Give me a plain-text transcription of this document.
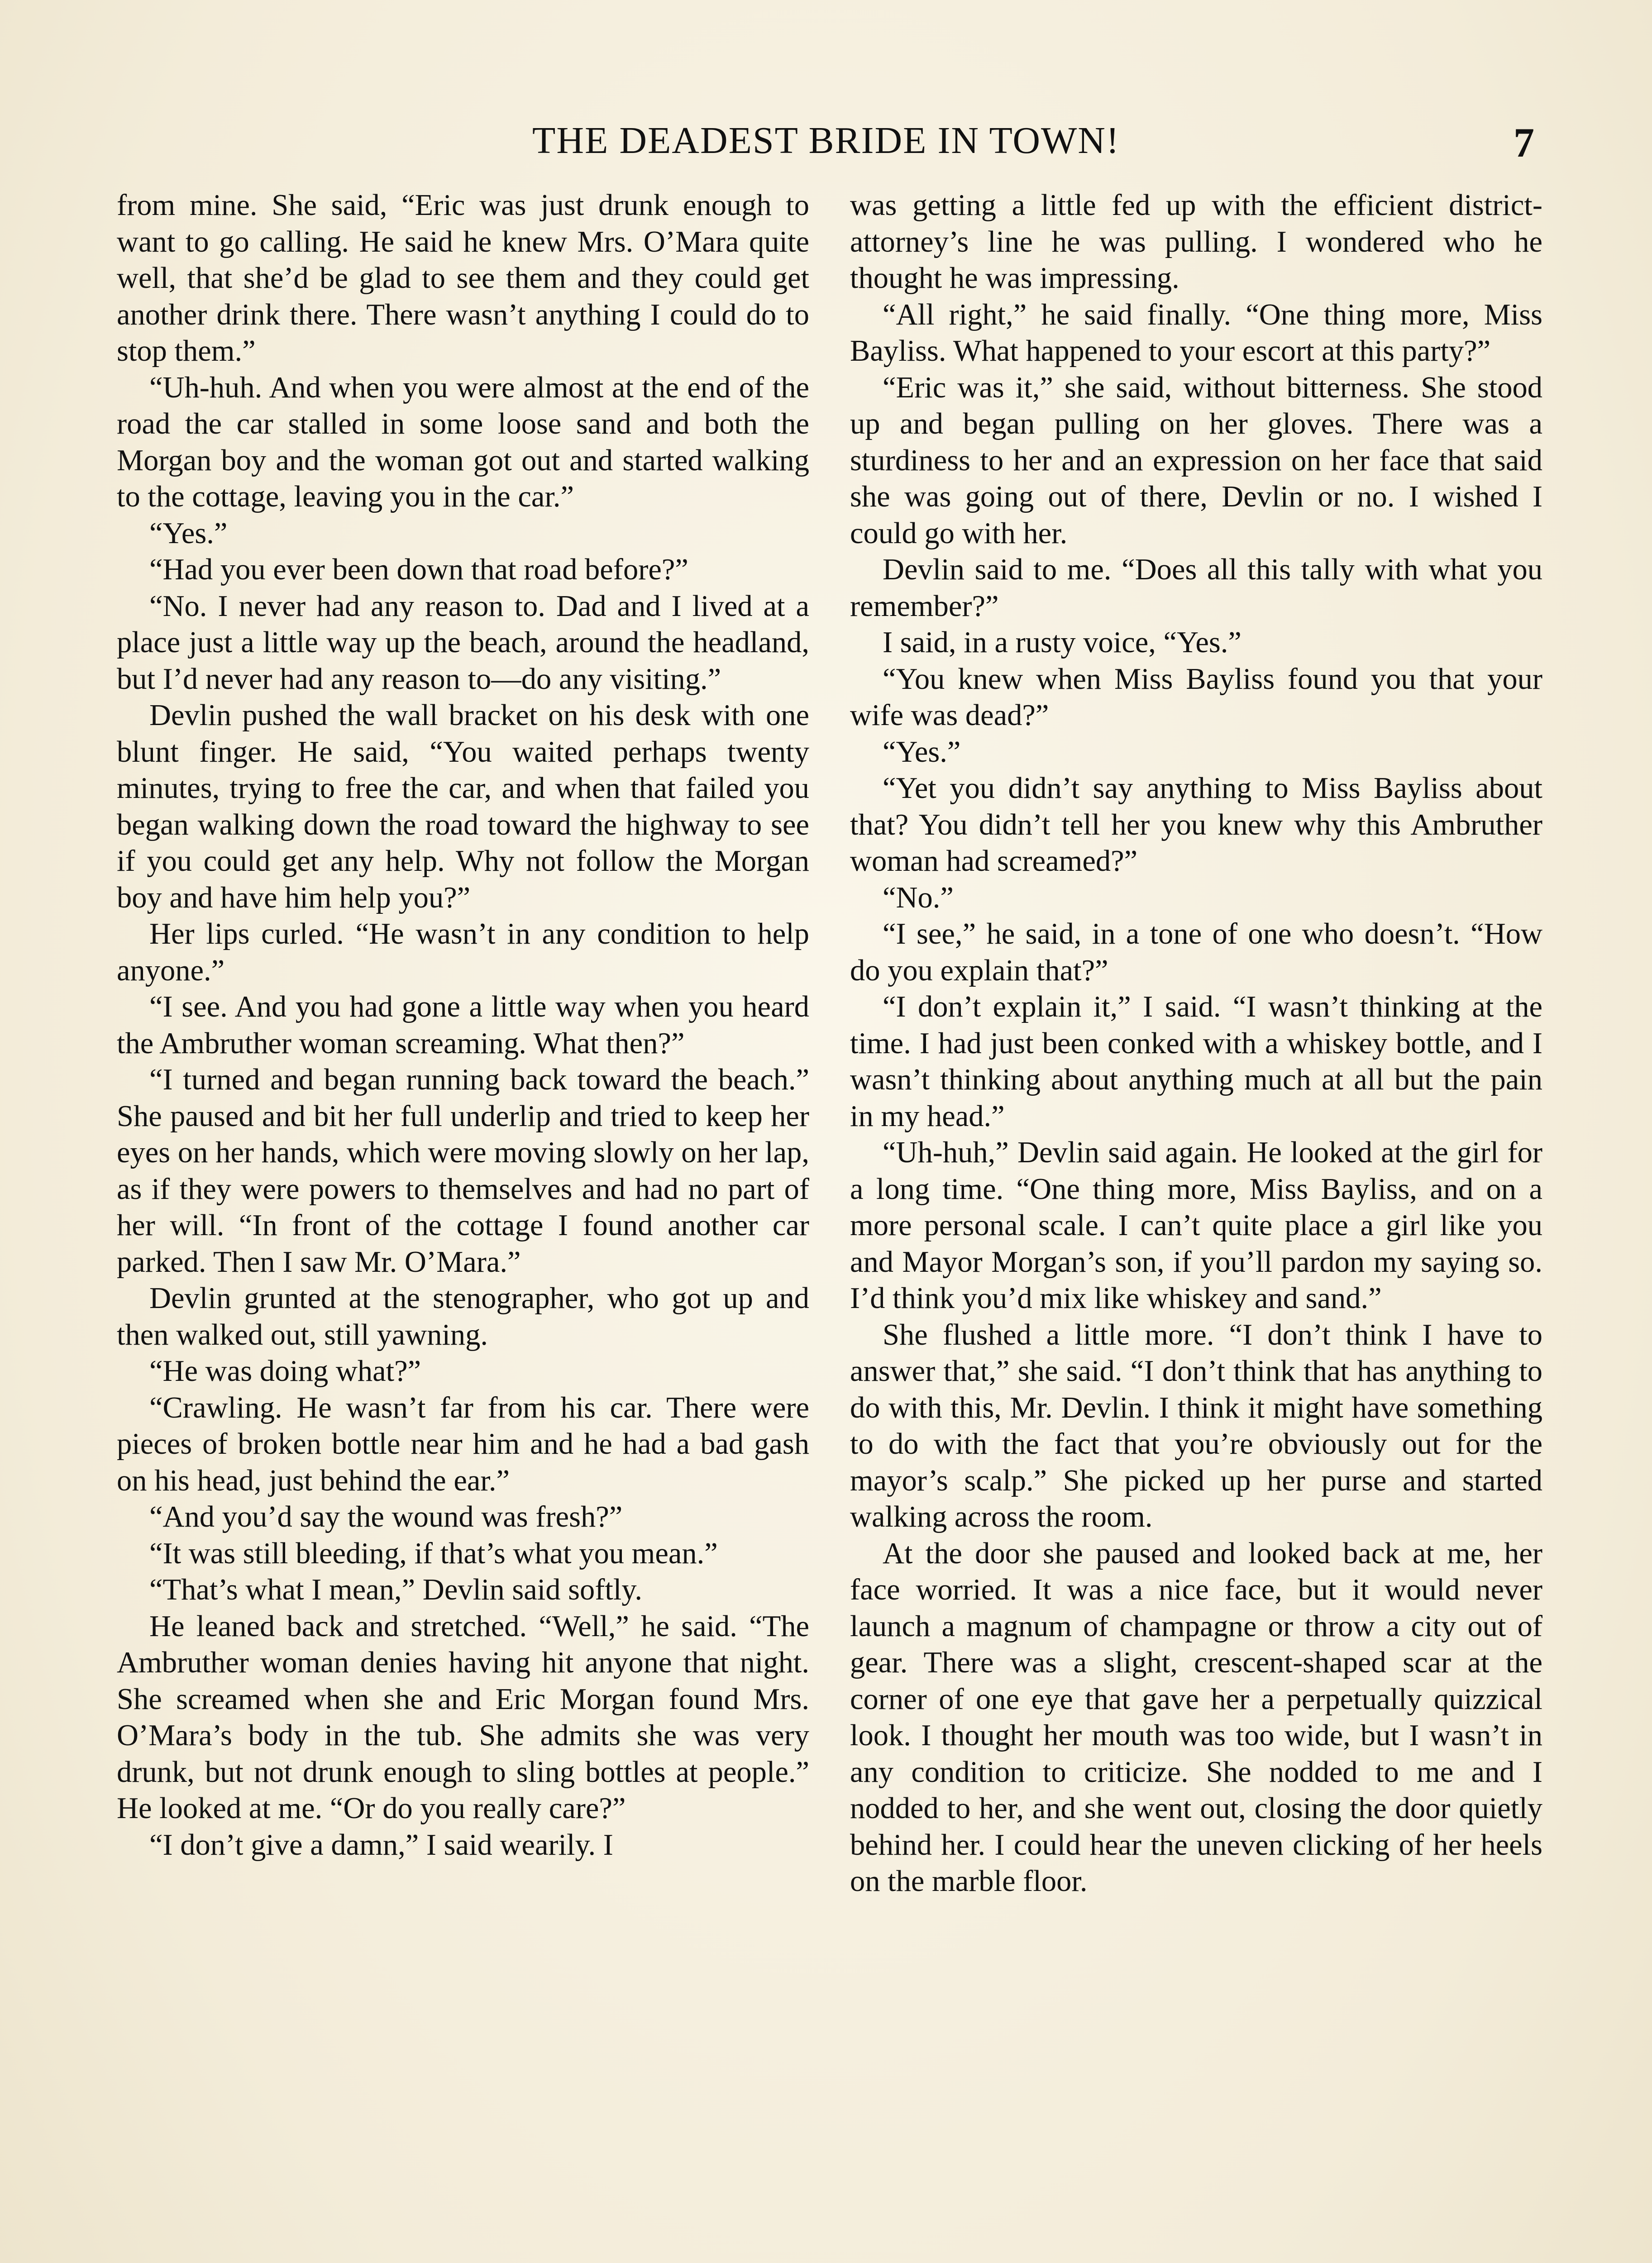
THE DEADEST BRIDE IN TOWN!	7

from mine. She said, “Eric was just drunk enough to want to go calling. He said he knew Mrs. O’Mara quite well, that she’d be glad to see them and they could get another drink there. There wasn’t anything I could do to stop them.”

“Uh-huh. And when you were almost at the end of the road the car stalled in some loose sand and both the Morgan boy and the woman got out and started walking to the cottage, leaving you in the car.”

“Yes.”

“Had you ever been down that road before?”

“No. I never had any reason to. Dad and I lived at a place just a little way up the beach, around the headland, but I’d never had any reason to—do any visiting.”

Devlin pushed the wall bracket on his desk with one blunt finger. He said, “You waited perhaps twenty minutes, trying to free the car, and when that failed you began walking down the road toward the highway to see if you could get any help. Why not follow the Morgan boy and have him help you?”

Her lips curled. “He wasn’t in any condition to help anyone.”

“I see. And you had gone a little way when you heard the Ambruther woman screaming. What then?”

“I turned and began running back toward the beach.” She paused and bit her full underlip and tried to keep her eyes on her hands, which were moving slowly on her lap, as if they were powers to themselves and had no part of her will. “In front of the cottage I found another car parked. Then I saw Mr. O’Mara.”

Devlin grunted at the stenographer, who got up and then walked out, still yawning.

“He was doing what?”

“Crawling. He wasn’t far from his car. There were pieces of broken bottle near him and he had a bad gash on his head, just behind the ear.”

“And you’d say the wound was fresh?”

“It was still bleeding, if that’s what you mean.”

“That’s what I mean,” Devlin said softly.

He leaned back and stretched. “Well,” he said. “The Ambruther woman denies having hit anyone that night. She screamed when she and Eric Morgan found Mrs. O’Mara’s body in the tub. She admits she was very drunk, but not drunk enough to sling bottles at people.” He looked at me. “Or do you really care?”

“I don’t give a damn,” I said wearily. I

was getting a little fed up with the efficient district-attorney’s line he was pulling. I wondered who he thought he was impressing.

“All right,” he said finally. “One thing more, Miss Bayliss. What happened to your escort at this party?”

“Eric was it,” she said, without bitterness. She stood up and began pulling on her gloves. There was a sturdiness to her and an expression on her face that said she was going out of there, Devlin or no. I wished I could go with her.

Devlin said to me. “Does all this tally with what you remember?”

I said, in a rusty voice, “Yes.”

“You knew when Miss Bayliss found you that your wife was dead?”

“Yes.”

“Yet you didn’t say anything to Miss Bayliss about that? You didn’t tell her you knew why this Ambruther woman had screamed?”

“No.”

“I see,” he said, in a tone of one who doesn’t. “How do you explain that?”

“I don’t explain it,” I said. “I wasn’t thinking at the time. I had just been conked with a whiskey bottle, and I wasn’t thinking about anything much at all but the pain in my head.”

“Uh-huh,” Devlin said again. He looked at the girl for a long time. “One thing more, Miss Bayliss, and on a more personal scale. I can’t quite place a girl like you and Mayor Morgan’s son, if you’ll pardon my saying so. I’d think you’d mix like whiskey and sand.”

She flushed a little more. “I don’t think I have to answer that,” she said. “I don’t think that has anything to do with this, Mr. Devlin. I think it might have something to do with the fact that you’re obviously out for the mayor’s scalp.” She picked up her purse and started walking across the room.

At the door she paused and looked back at me, her face worried. It was a nice face, but it would never launch a magnum of champagne or throw a city out of gear. There was a slight, crescent-shaped scar at the corner of one eye that gave her a perpetually quizzical look. I thought her mouth was too wide, but I wasn’t in any condition to criticize. She nodded to me and I nodded to her, and she went out, closing the door quietly behind her. I could hear the uneven clicking of her heels on the marble floor.
